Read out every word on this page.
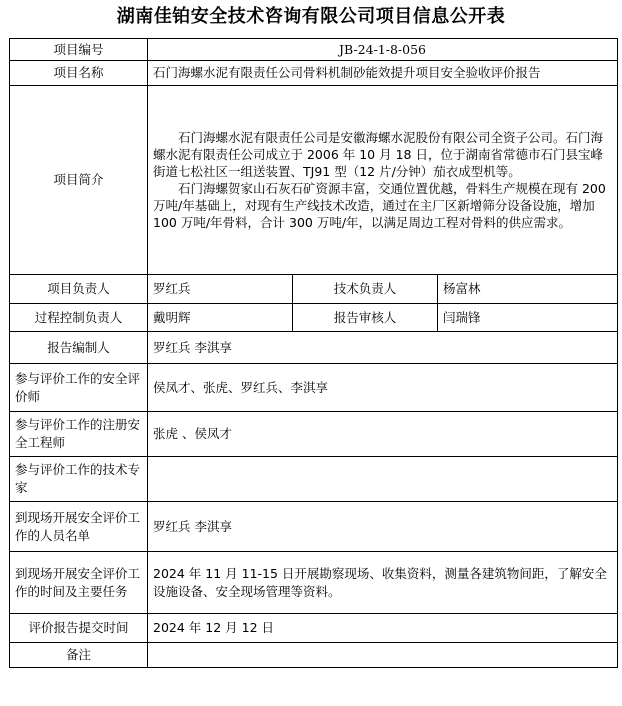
湖南佳铂安全技术咨询有限公司项目信息公开表
项目编号	JB-24-1-8-056		
项目名称	石门海螺水泥有限责任公司骨料机制砂能效提升项目安全验收评价报告		
项目简介	石门海螺水泥有限责任公司是安徽海螺水泥股份有限公司全资子公司。石门海螺水泥有限责任公司成立于 2006 年 10 月 18 日，位于湖南省常德市石门县宝峰街道七松社区一组送装置、TJ91 型（12 片/分钟）茄衣成型机等。

石门海螺贺家山石灰石矿资源丰富，交通位置优越，骨料生产规模在现有 200 万吨/年基础上，对现有生产线技术改造，通过在主厂区新增筛分设备设施，增加 100 万吨/年骨料，合计 300 万吨/年，以满足周边工程对骨料的供应需求。		

项目负责人	罗红兵	技术负责人	杨富林
过程控制负责人	戴明辉	报告审核人	闫瑞锋
报告编制人	罗红兵 李淇享		
参与评价工作的安全评价师	侯凤才、张虎、罗红兵、李淇享		
参与评价工作的注册安全工程师	张虎 、侯凤才		
参与评价工作的技术专家			
到现场开展安全评价工作的人员名单	罗红兵 李淇享		
到现场开展安全评价工作的时间及主要任务	2024 年 11 月 11-15 日开展勘察现场、收集资料，测量各建筑物间距，了解安全设施设备、安全现场管理等资料。		
评价报告提交时间	2024 年 12 月 12 日		
备注			
